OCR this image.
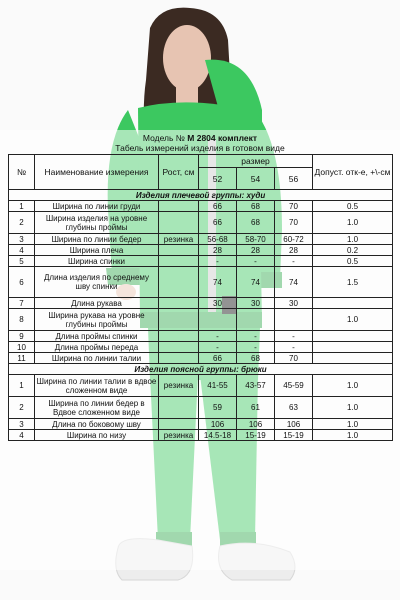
Модель № М 2804 комплект
Табель измерений изделия в готовом виде
№	Наименование измерения	Рост, см	размер			Допуст. отк-е, +\-см
			52	54	56	
Изделия плечевой группы: худи						
1	Ширина по линии груди		66	68	70	0.5
2	Ширина изделия на уровне глубины проймы		66	68	70	1.0
3	Ширина по линии бедер	резинка	56-68	58-70	60-72	1.0
4	Ширина плеча		28	28	28	0.2
5	Ширина спинки		-	-	-	0.5
6	Длина изделия по среднему шву спинки		74	74	74	1.5
7	Длина рукава		30	30	30	
8	Ширина рукава на уровне глубины проймы					1.0
9	Длина проймы спинки		-	-	-	
10	Длина проймы переда		-	-	-	
11	Ширина по линии талии		66	68	70	
Изделия поясной группы: брюки						
1	Ширина по линии талии в вдвое сложенном виде	резинка	41-55	43-57	45-59	1.0
2	Ширина по линии бедер в Вдвое сложенном виде		59	61	63	1.0
3	Длина по боковому шву		106	106	106	1.0
4	Ширина по низу	резинка	14.5-18	15-19	15-19	1.0
